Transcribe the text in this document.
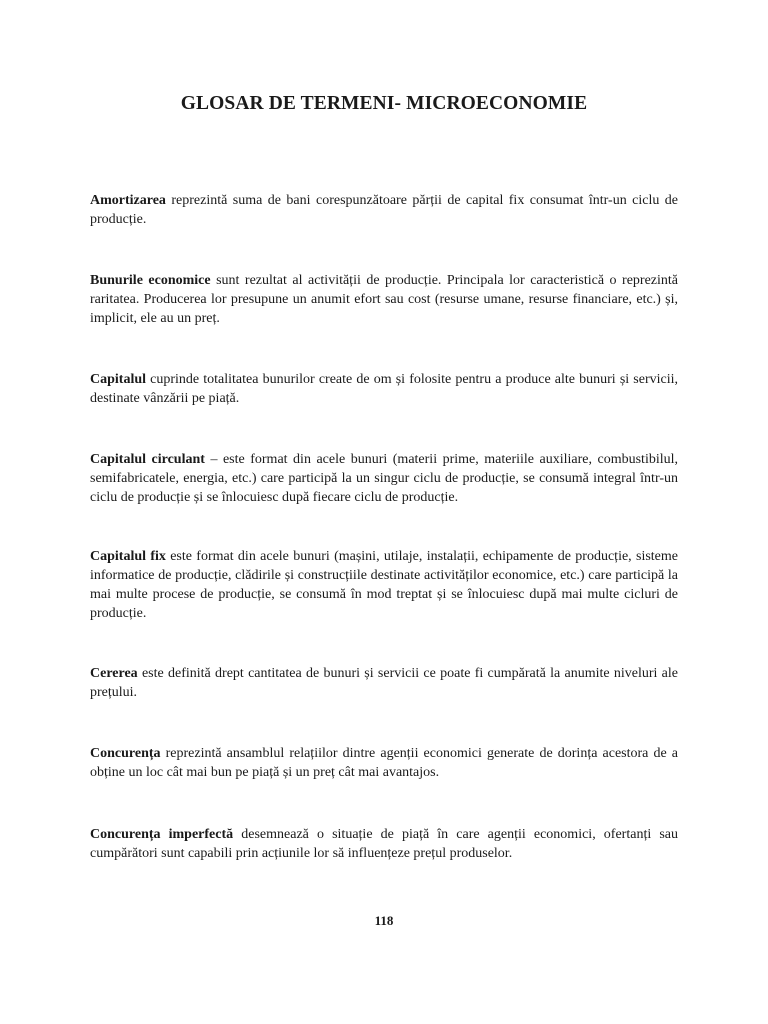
GLOSAR DE TERMENI- MICROECONOMIE

Amortizarea reprezintă suma de bani corespunzătoare părții de capital fix consumat într-un ciclu de producție.

Bunurile economice sunt rezultat al activității de producție. Principala lor caracteristică o reprezintă raritatea. Producerea lor presupune un anumit efort sau cost (resurse umane, resurse financiare, etc.) și, implicit, ele au un preț.

Capitalul cuprinde totalitatea bunurilor create de om și folosite pentru a produce alte bunuri și servicii, destinate vânzării pe piață.

Capitalul circulant – este format din acele bunuri (materii prime, materiile auxiliare, combustibilul, semifabricatele, energia, etc.) care participă la un singur ciclu de producție, se consumă integral într-un ciclu de producție și se înlocuiesc după fiecare ciclu de producție.

Capitalul fix este format din acele bunuri (mașini, utilaje, instalații, echipamente de producție, sisteme informatice de producție, clădirile și construcțiile destinate activităților economice, etc.) care participă la mai multe procese de producție, se consumă în mod treptat și se înlocuiesc după mai multe cicluri de producție.

Cererea este definită drept cantitatea de bunuri și servicii ce poate fi cumpărată la anumite niveluri ale prețului.

Concurența reprezintă ansamblul relațiilor dintre agenții economici generate de dorința acestora de a obține un loc cât mai bun pe piață și un preț cât mai avantajos.

Concurența imperfectă desemnează o situație de piață în care agenții economici, ofertanți sau cumpărători sunt capabili prin acțiunile lor să influențeze prețul produselor.

118
